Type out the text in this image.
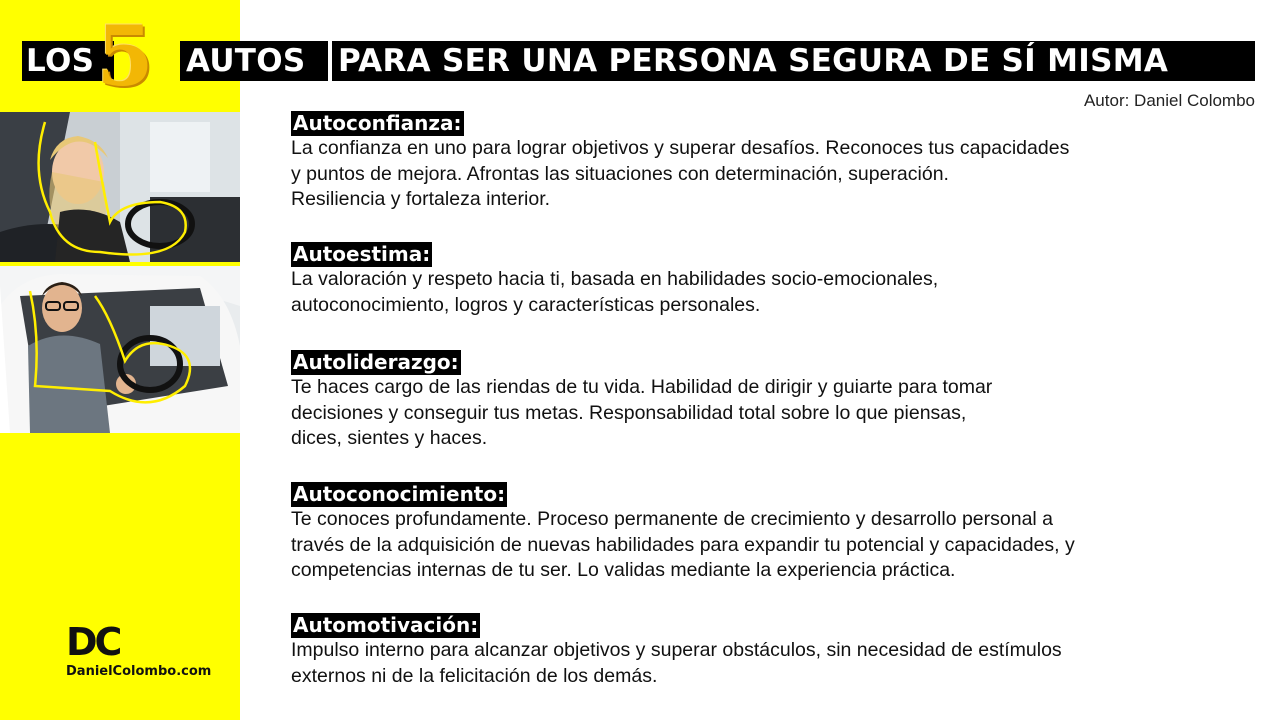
LOS	AUTOS	PARA SER UNA PERSONA SEGURA DE SÍ MISMA
5	Autor: Daniel Colombo
Autoconfianza:
La confianza en uno para lograr objetivos y superar desafíos. Reconoces tus capacidades
y puntos de mejora. Afrontas las situaciones con determinación, superación.
Resiliencia y fortaleza interior.
Autoestima:
La valoración y respeto hacia ti, basada en habilidades socio-emocionales,
autoconocimiento, logros y características personales.
Autoliderazgo:
Te haces cargo de las riendas de tu vida. Habilidad de dirigir y guiarte para tomar
decisiones y conseguir tus metas. Responsabilidad total sobre lo que piensas,
dices, sientes y haces.
Autoconocimiento:
Te conoces profundamente. Proceso permanente de crecimiento y desarrollo personal a
través de la adquisición de nuevas habilidades para expandir tu potencial y capacidades, y
competencias internas de tu ser. Lo validas mediante la experiencia práctica.
Automotivación:
Impulso interno para alcanzar objetivos y superar obstáculos, sin necesidad de estímulos
externos ni de la felicitación de los demás.
DC
DanielColombo.com
